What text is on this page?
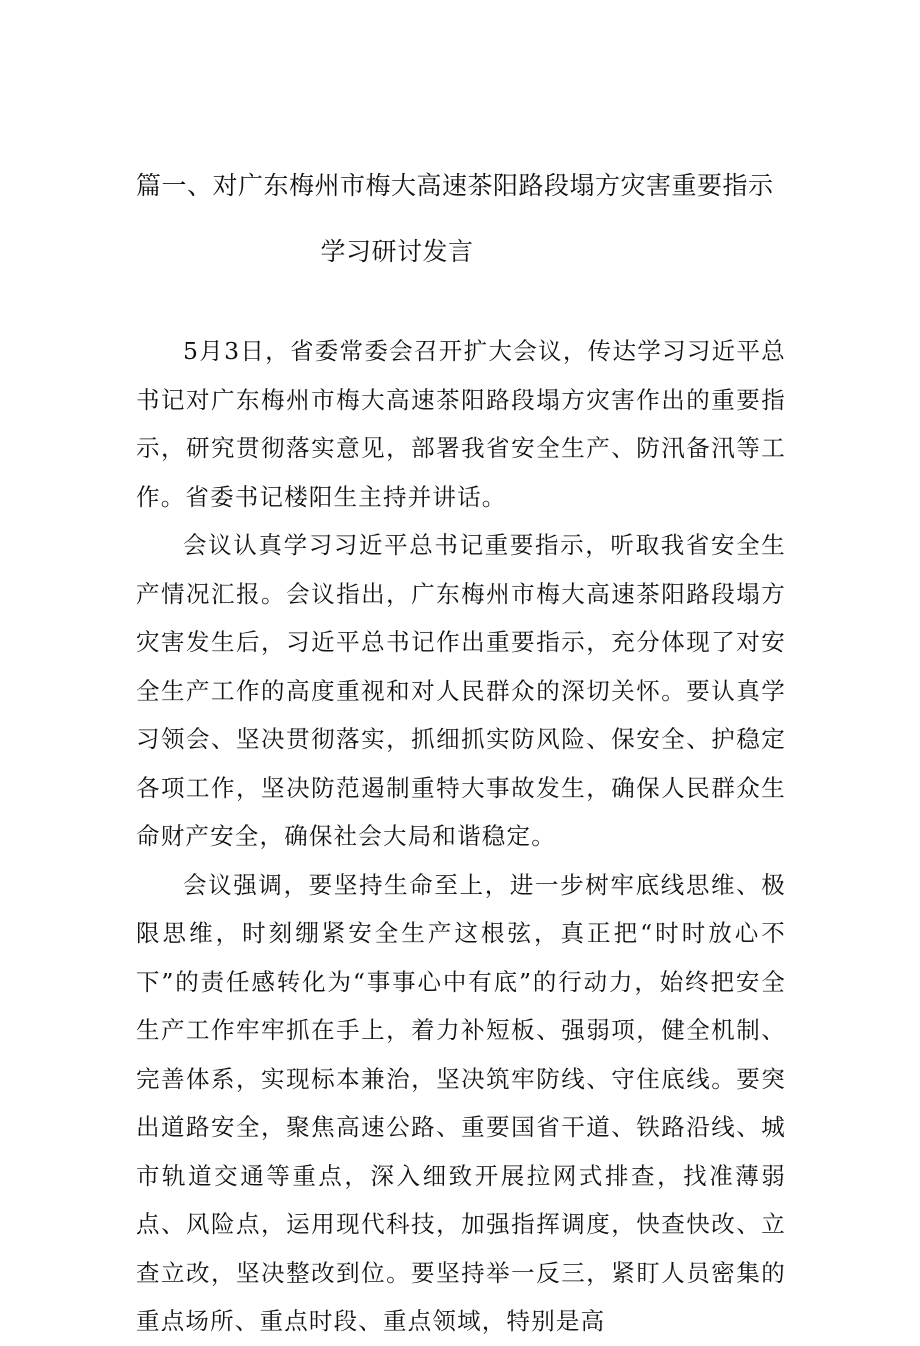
篇一、对广东梅州市梅大高速茶阳路段塌方灾害重要指示
学习研讨发言

5月3日，省委常委会召开扩大会议，传达学习习近平总书记对广东梅州市梅大高速茶阳路段塌方灾害作出的重要指示，研究贯彻落实意见，部署我省安全生产、防汛备汛等工作。省委书记楼阳生主持并讲话。

会议认真学习习近平总书记重要指示，听取我省安全生产情况汇报。会议指出，广东梅州市梅大高速茶阳路段塌方灾害发生后，习近平总书记作出重要指示，充分体现了对安全生产工作的高度重视和对人民群众的深切关怀。要认真学习领会、坚决贯彻落实，抓细抓实防风险、保安全、护稳定各项工作，坚决防范遏制重特大事故发生，确保人民群众生命财产安全，确保社会大局和谐稳定。

会议强调，要坚持生命至上，进一步树牢底线思维、极限思维，时刻绷紧安全生产这根弦，真正把“时时放心不下”的责任感转化为“事事心中有底”的行动力，始终把安全生产工作牢牢抓在手上，着力补短板、强弱项，健全机制、完善体系，实现标本兼治，坚决筑牢防线、守住底线。要突出道路安全，聚焦高速公路、重要国省干道、铁路沿线、城市轨道交通等重点，深入细致开展拉网式排查，找准薄弱点、风险点，运用现代科技，加强指挥调度，快查快改、立查立改，坚决整改到位。要坚持举一反三，紧盯人员密集的重点场所、重点时段、重点领域，特别是高
